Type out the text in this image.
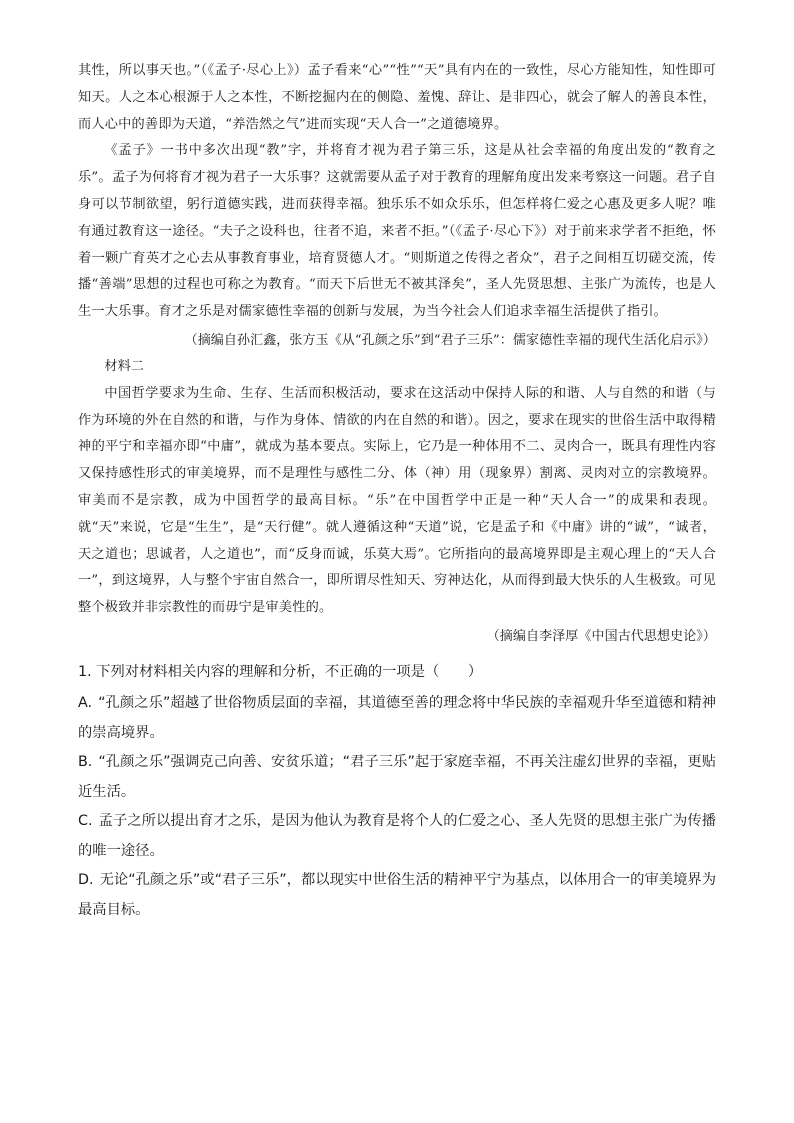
其性，所以事天也。”（《孟子·尽心上》）孟子看来“心”“性”“天”具有内在的一致性，尽心方能知性，知性即可知天。人之本心根源于人之本性，不断挖掘内在的侧隐、羞愧、辞让、是非四心，就会了解人的善良本性，而人心中的善即为天道，“养浩然之气”进而实现“天人合一”之道德境界。

《孟子》一书中多次出现“教”字，并将育才视为君子第三乐，这是从社会幸福的角度出发的“教育之乐”。孟子为何将育才视为君子一大乐事？这就需要从孟子对于教育的理解角度出发来考察这一问题。君子自身可以节制欲望，躬行道德实践，进而获得幸福。独乐乐不如众乐乐，但怎样将仁爱之心惠及更多人呢？唯有通过教育这一途径。“夫子之设科也，往者不追，来者不拒。”（《孟子·尽心下》）对于前来求学者不拒绝，怀着一颗广育英才之心去从事教育事业，培育贤德人才。“则斯道之传得之者众”，君子之间相互切磋交流，传播“善端”思想的过程也可称之为教育。“而天下后世无不被其泽矣”，圣人先贤思想、主张广为流传，也是人生一大乐事。育才之乐是对儒家德性幸福的创新与发展，为当今社会人们追求幸福生活提供了指引。

（摘编自孙汇鑫，张方玉《从“孔颜之乐”到“君子三乐”：儒家德性幸福的现代生活化启示》）

材料二

中国哲学要求为生命、生存、生活而积极活动，要求在这活动中保持人际的和谐、人与自然的和谐（与作为环境的外在自然的和谐，与作为身体、情欲的内在自然的和谐）。因之，要求在现实的世俗生活中取得精神的平宁和幸福亦即“中庸”，就成为基本要点。实际上，它乃是一种体用不二、灵肉合一，既具有理性内容又保持感性形式的审美境界，而不是理性与感性二分、体（神）用（现象界）割离、灵肉对立的宗教境界。审美而不是宗教，成为中国哲学的最高目标。“乐”在中国哲学中正是一种“天人合一”的成果和表现。就“天”来说，它是“生生”，是“天行健”。就人遵循这种“天道”说，它是孟子和《中庸》讲的“诚”，“诚者，天之道也；思诚者，人之道也”，而“反身而诚，乐莫大焉”。它所指向的最高境界即是主观心理上的“天人合一”，到这境界，人与整个宇宙自然合一，即所谓尽性知天、穷神达化，从而得到最大快乐的人生极致。可见整个极致并非宗教性的而毋宁是审美性的。

（摘编自李泽厚《中国古代思想史论》）

1. 下列对材料相关内容的理解和分析，不正确的一项是（　　）

A. “孔颜之乐”超越了世俗物质层面的幸福，其道德至善的理念将中华民族的幸福观升华至道德和精神的崇高境界。

B. “孔颜之乐”强调克己向善、安贫乐道；“君子三乐”起于家庭幸福，不再关注虚幻世界的幸福，更贴近生活。

C. 孟子之所以提出育才之乐，是因为他认为教育是将个人的仁爱之心、圣人先贤的思想主张广为传播的唯一途径。

D. 无论“孔颜之乐”或“君子三乐”，都以现实中世俗生活的精神平宁为基点，以体用合一的审美境界为最高目标。
